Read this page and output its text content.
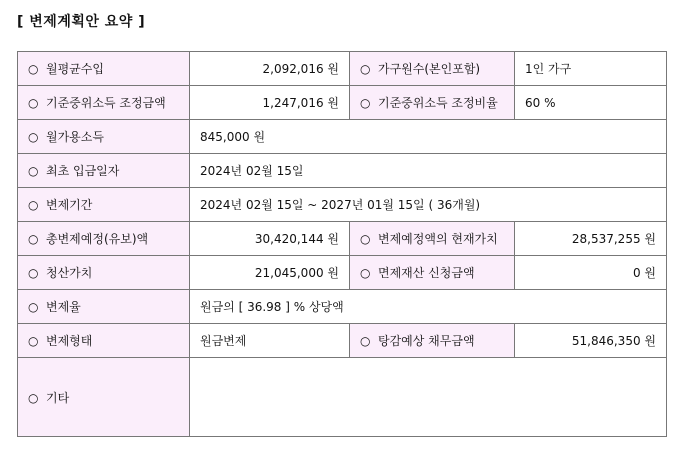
[ 변제계획안 요약 ]
○ 월평균수입	2,092,016 원	○ 가구원수(본인포함)	1인 가구
○ 기준중위소득 조정금액	1,247,016 원	○ 기준중위소득 조정비율	60 %
○ 월가용소득	845,000 원		
○ 최초 입금일자	2024년 02월 15일		
○ 변제기간	2024년 02월 15일 ~ 2027년 01월 15일 ( 36개월)		
○ 총변제예정(유보)액	30,420,144 원	○ 변제예정액의 현재가치	28,537,255 원
○ 청산가치	21,045,000 원	○ 면제재산 신청금액	0 원
○ 변제율	원금의 [ 36.98 ] % 상당액		
○ 변제형태	원금변제	○ 탕감예상 채무금액	51,846,350 원
○ 기타			
